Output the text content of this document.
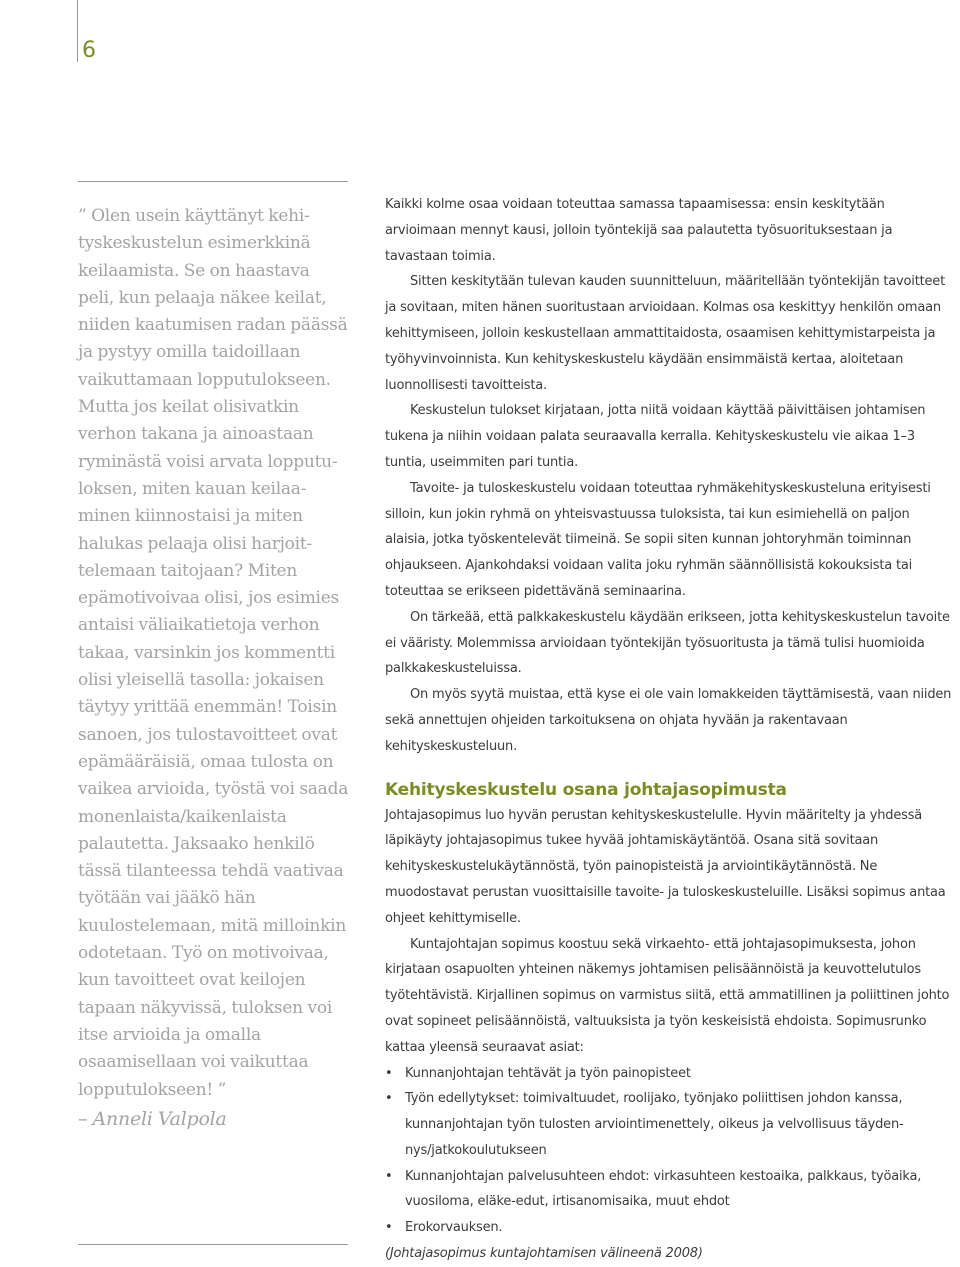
6

” Olen usein käyttänyt kehityskeskustelun esimerkkinä keilaamista. Se on haastava peli, kun pelaaja näkee keilat, niiden kaatumisen radan päässä ja pystyy omilla taidoillaan vaikuttamaan lopputulokseen. Mutta jos keilat olisivatkin verhon takana ja ainoastaan ryminästä voisi arvata lopputuloksen, miten kauan keilaaminen kiinnostaisi ja miten halukas pelaaja olisi harjoittelemaan taitojaan? Miten epämotivoivaa olisi, jos esimies antaisi väliaikatietoja verhon takaa, varsinkin jos kommentti olisi yleisellä tasolla: jokaisen täytyy yrittää enemmän! Toisin sanoen, jos tulostavoitteet ovat epämääräisiä, omaa tulosta on vaikea arvioida, työstä voi saada monenlaista/kaikenlaista palautetta. Jaksaako henkilö tässä tilanteessa tehdä vaativaa työtään vai jääkö hän kuulostelemaan, mitä milloinkin odotetaan. Työ on motivoivaa, kun tavoitteet ovat keilojen tapaan näkyvissä, tuloksen voi itse arvioida ja omalla osaamisellaan voi vaikuttaa lopputulokseen! ”

– Anneli Valpola

Kaikki kolme osaa voidaan toteuttaa samassa tapaamisessa: ensin keskitytään arvioimaan mennyt kausi, jolloin työntekijä saa palautetta työsuorituksestaan ja tavastaan toimia.

Sitten keskitytään tulevan kauden suunnitteluun, määritellään työntekijän tavoitteet ja sovitaan, miten hänen suoritustaan arvioidaan. Kolmas osa keskittyy henkilön omaan kehittymiseen, jolloin keskustellaan ammattitaidosta, osaamisen kehittymistarpeista ja työhyvinvoinnista. Kun kehityskeskustelu käydään ensimmäistä kertaa, aloitetaan luonnollisesti tavoitteista.

Keskustelun tulokset kirjataan, jotta niitä voidaan käyttää päivittäisen johtamisen tukena ja niihin voidaan palata seuraavalla kerralla. Kehityskeskustelu vie aikaa 1–3 tuntia, useimmiten pari tuntia.

Tavoite- ja tuloskeskustelu voidaan toteuttaa ryhmäkehityskeskusteluna erityisesti silloin, kun jokin ryhmä on yhteisvastuussa tuloksista, tai kun esimiehellä on paljon alaisia, jotka työskentelevät tiimeinä. Se sopii siten kunnan johtoryhmän toiminnan ohjaukseen. Ajankohdaksi voidaan valita joku ryhmän säännöllisistä kokouksista tai toteuttaa se erikseen pidettävänä seminaarina.

On tärkeää, että palkkakeskustelu käydään erikseen, jotta kehityskeskustelun tavoite ei vääristy. Molemmissa arvioidaan työntekijän työsuoritusta ja tämä tulisi huomioida palkkakeskusteluissa.

On myös syytä muistaa, että kyse ei ole vain lomakkeiden täyttämisestä, vaan niiden sekä annettujen ohjeiden tarkoituksena on ohjata hyvään ja rakentavaan kehityskeskusteluun.

Kehityskeskustelu osana johtajasopimusta

Johtajasopimus luo hyvän perustan kehityskeskustelulle. Hyvin määritelty ja yhdessä läpikäyty johtajasopimus tukee hyvää johtamiskäytäntöä. Osana sitä sovitaan kehityskeskustelukäytännöstä, työn painopisteistä ja arviointikäytännöstä. Ne muodostavat perustan vuosittaisille tavoite- ja tuloskeskusteluille. Lisäksi sopimus antaa ohjeet kehittymiselle.

Kuntajohtajan sopimus koostuu sekä virkaehto- että johtajasopimuksesta, johon kirjataan osapuolten yhteinen näkemys johtamisen pelisäännöistä ja keuvottelutulos työtehtävistä. Kirjallinen sopimus on varmistus siitä, että ammatillinen ja poliittinen johto ovat sopineet pelisäännöistä, valtuuksista ja työn keskeisistä ehdoista. Sopimusrunko kattaa yleensä seuraavat asiat:

• Kunnanjohtajan tehtävät ja työn painopisteet
• Työn edellytykset: toimivaltuudet, roolijako, työnjako poliittisen johdon kanssa, kunnanjohtajan työn tulosten arviointimenettely, oikeus ja velvollisuus täydennys/jatkokoulutukseen
• Kunnanjohtajan palvelusuhteen ehdot: virkasuhteen kestoaika, palkkaus, työaika, vuosiloma, eläke-edut, irtisanomisaika, muut ehdot
• Erokorvauksen.

(Johtajasopimus kuntajohtamisen välineenä 2008)
